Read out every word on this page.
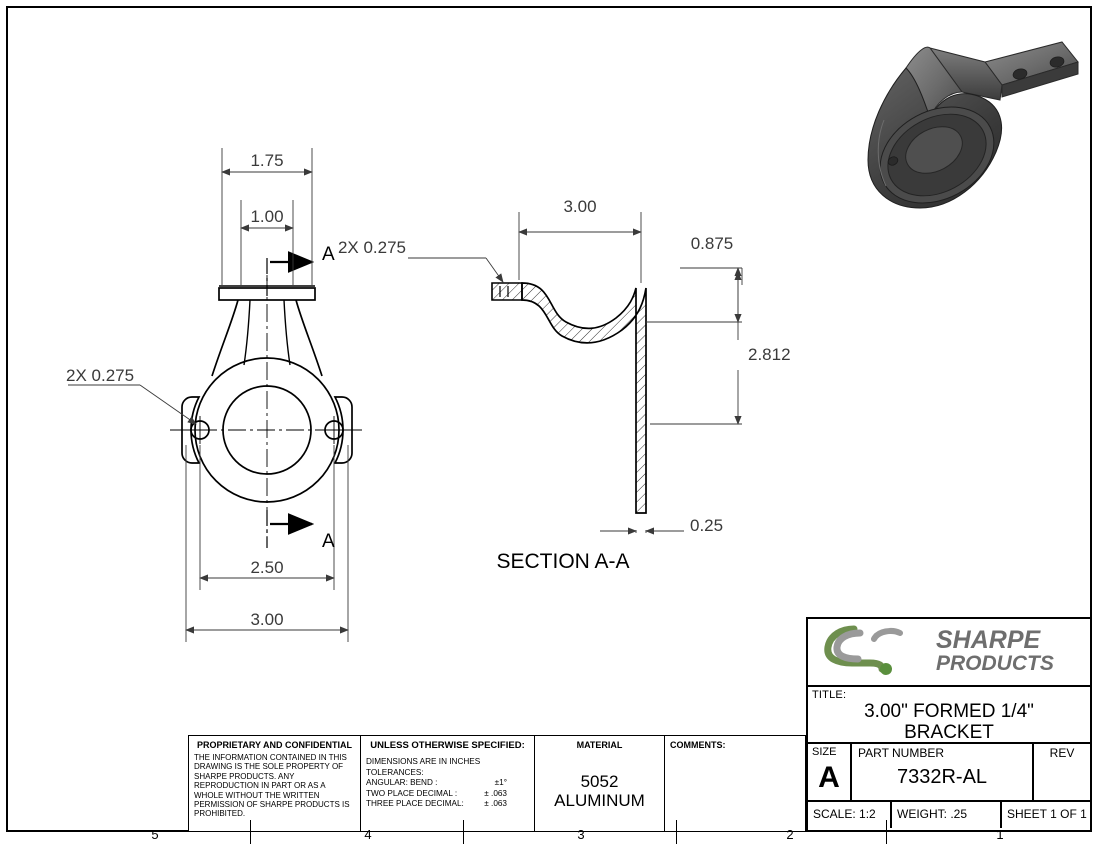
1.75
1.00
2X 0.275
2.50
3.00
A
A
3.00
2X 0.275	0.875
2.812
0.25
SECTION A-A
PROPRIETARY AND CONFIDENTIAL
THE INFORMATION CONTAINED IN THIS DRAWING IS THE SOLE PROPERTY OF SHARPE PRODUCTS. ANY REPRODUCTION IN PART OR AS A WHOLE WITHOUT THE WRITTEN PERMISSION OF SHARPE PRODUCTS IS PROHIBITED.
UNLESS OTHERWISE SPECIFIED:
DIMENSIONS ARE IN INCHES
TOLERANCES:
ANGULAR: BEND :	±1°
TWO PLACE DECIMAL :	± .063
THREE PLACE DECIMAL: ± .063
MATERIAL
5052
ALUMINUM
COMMENTS:
SHARPE
PRODUCTS
TITLE:
3.00" FORMED 1/4"
BRACKET
SIZE
A
PART NUMBER
7332R-AL
REV
SCALE: 1:2	WEIGHT: .25	SHEET 1 OF 1
5	4	3	2	1
